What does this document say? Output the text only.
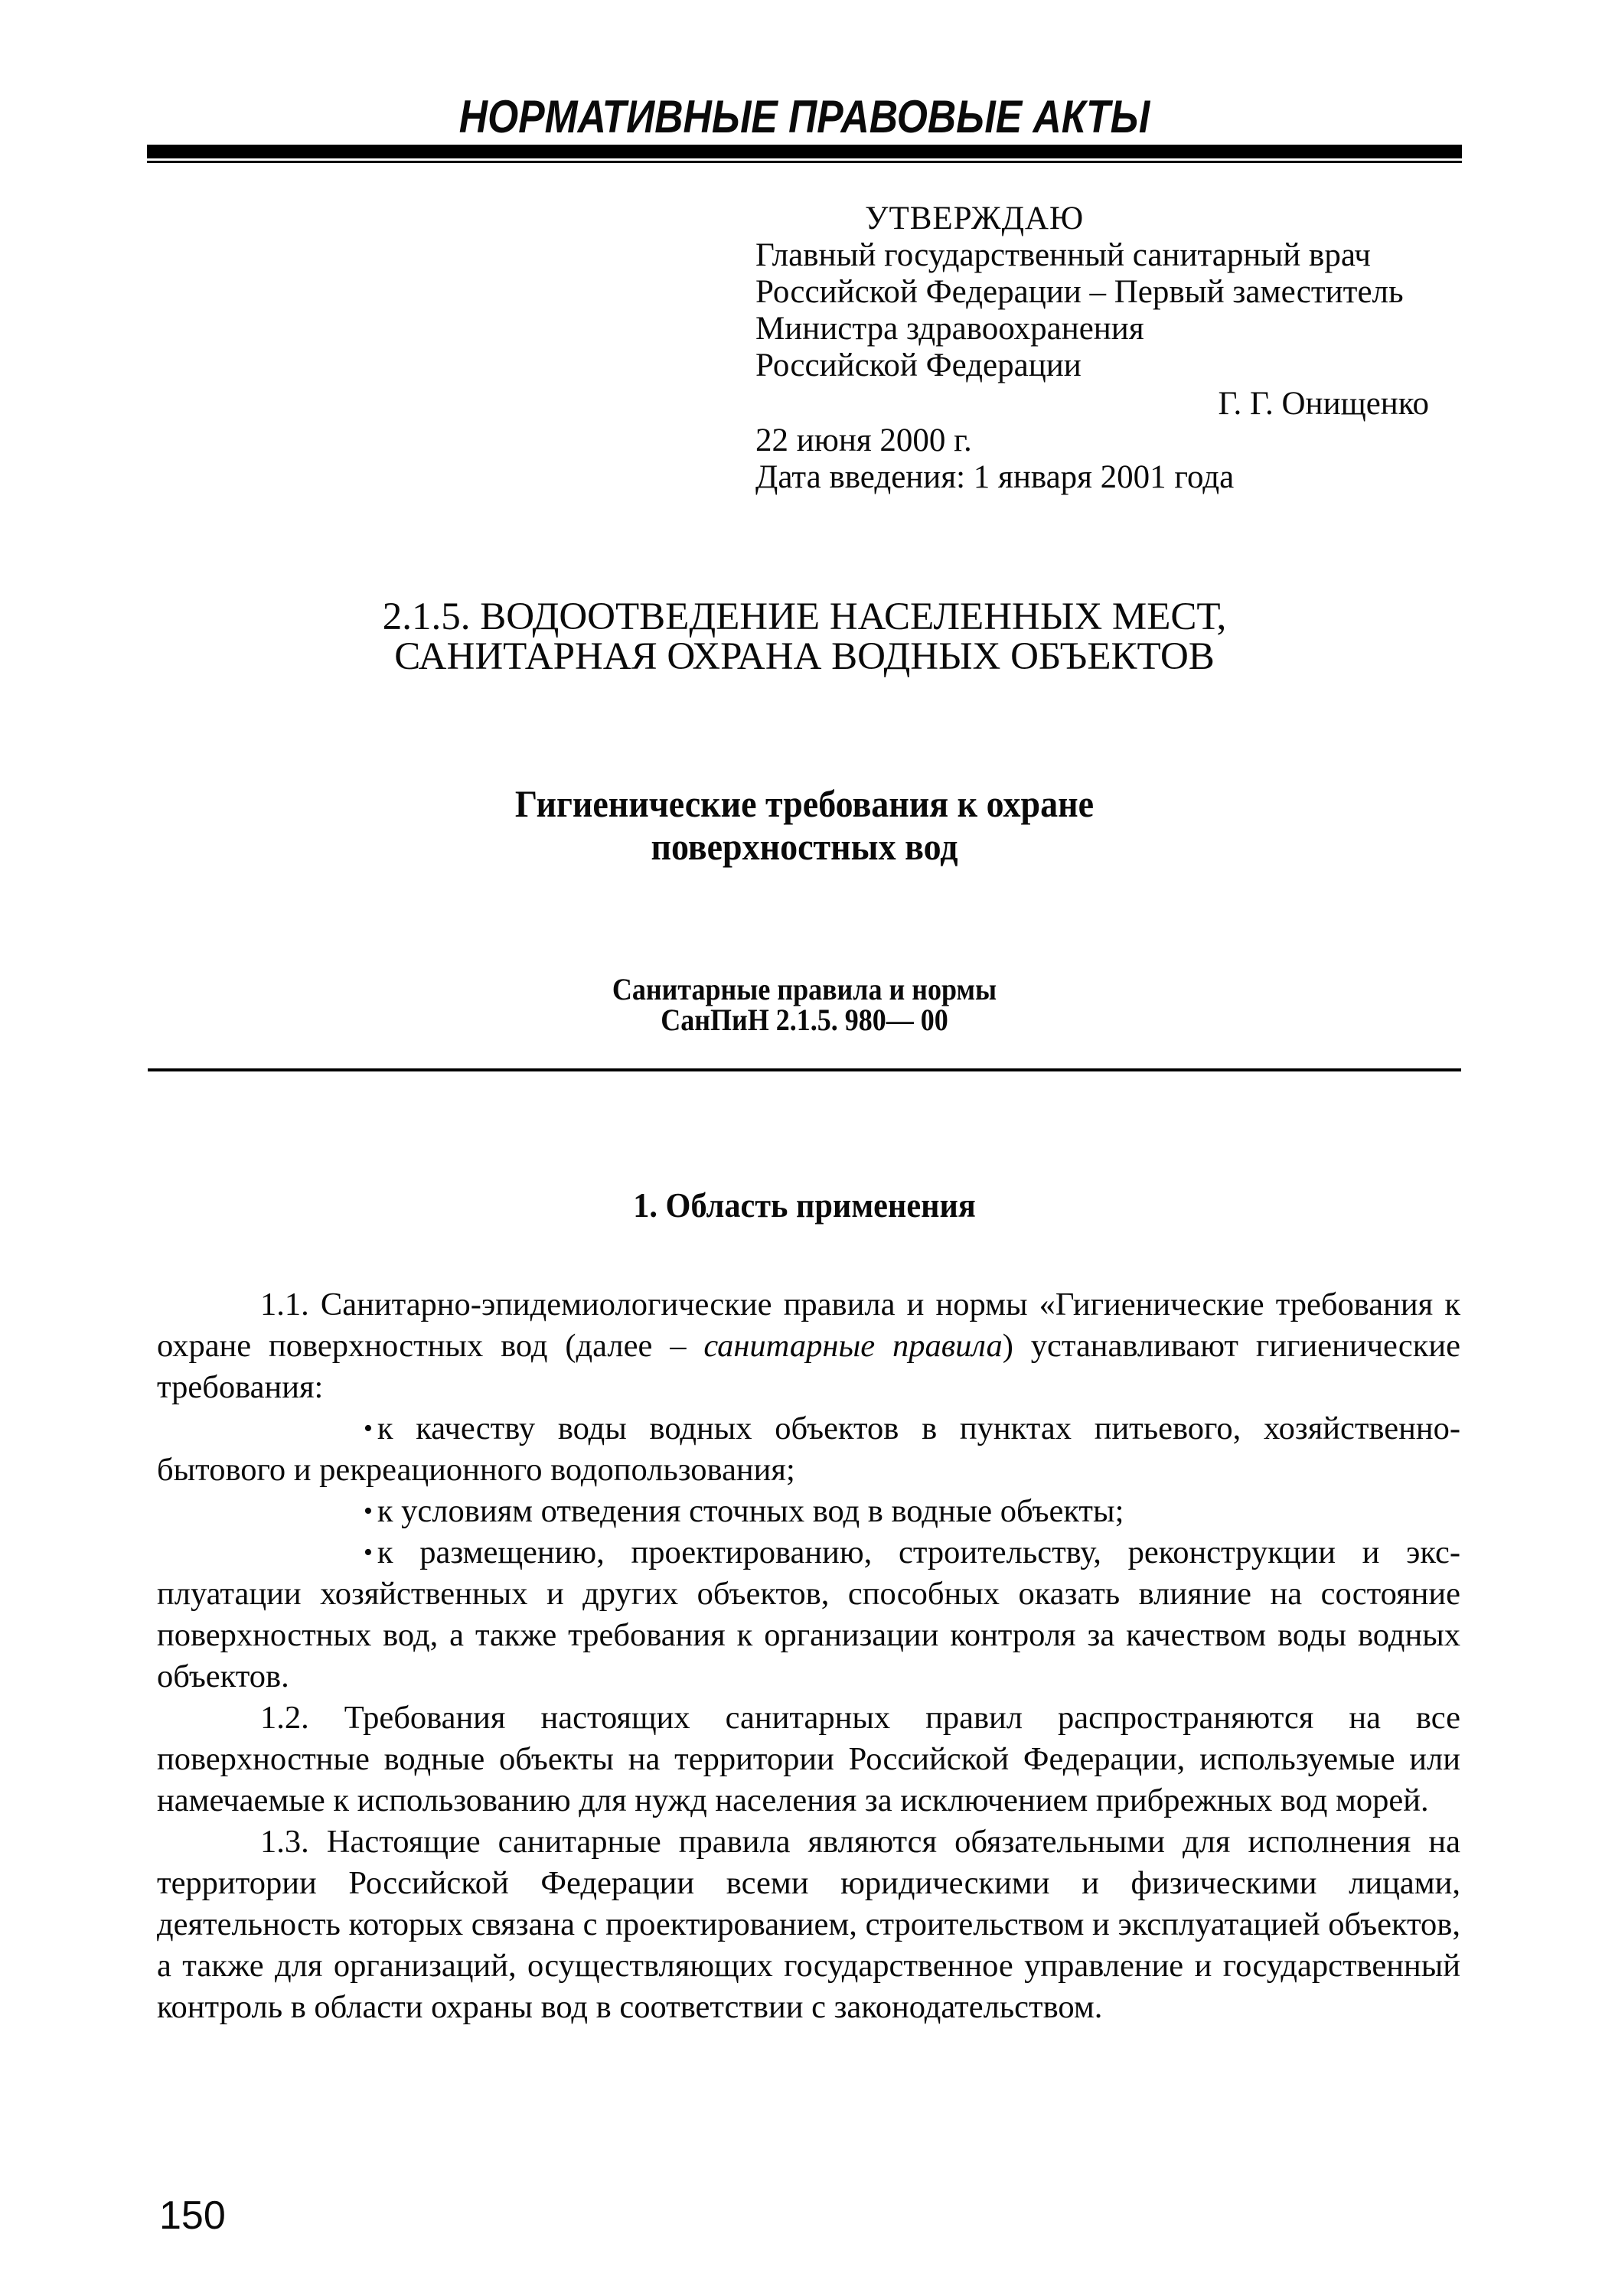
НОРМАТИВНЫЕ ПРАВОВЫЕ АКТЫ
УТВЕРЖДАЮ
Главный государственный санитарный врач
Российской Федерации – Первый заместитель
Министра здравоохранения
Российской Федерации
Г. Г. Онищенко
22 июня 2000 г.
Дата введения: 1 января 2001 года
2.1.5. ВОДООТВЕДЕНИЕ НАСЕЛЕННЫХ МЕСТ,
САНИТАРНАЯ ОХРАНА ВОДНЫХ ОБЪЕКТОВ
Гигиенические требования к охране
поверхностных вод
Санитарные правила и нормы
СанПиН 2.1.5. 980— 00
1. Область применения

1.1. Санитарно-эпидемиологические правила и нормы «Гигиенические требования к охране поверхностных вод (далее – санитарные правила) устанавливают гигиенические требования:

• к качеству воды водных объектов в пунктах питьевого, хозяйственно-бытового и рекреационного водопользования;

• к условиям отведения сточных вод в водные объекты;

• к размещению, проектированию, строительству, реконструкции и эксплуатации хозяйственных и других объектов, способных оказать влияние на состояние поверхностных вод, а также требования к организации контроля за качеством воды водных объектов.

1.2. Требования настоящих санитарных правил распространяются на все поверхностные водные объекты на территории Российской Федерации, используемые или намечаемые к использованию для нужд населения за исключением прибрежных вод морей.

1.3. Настоящие санитарные правила являются обязательными для исполнения на территории Российской Федерации всеми юридическими и физическими лицами, деятельность которых связана с проектированием, строительством и эксплуатацией объектов, а также для организаций, осуществляющих государственное управление и государственный контроль в области охраны вод в соответствии с законодательством.

150
